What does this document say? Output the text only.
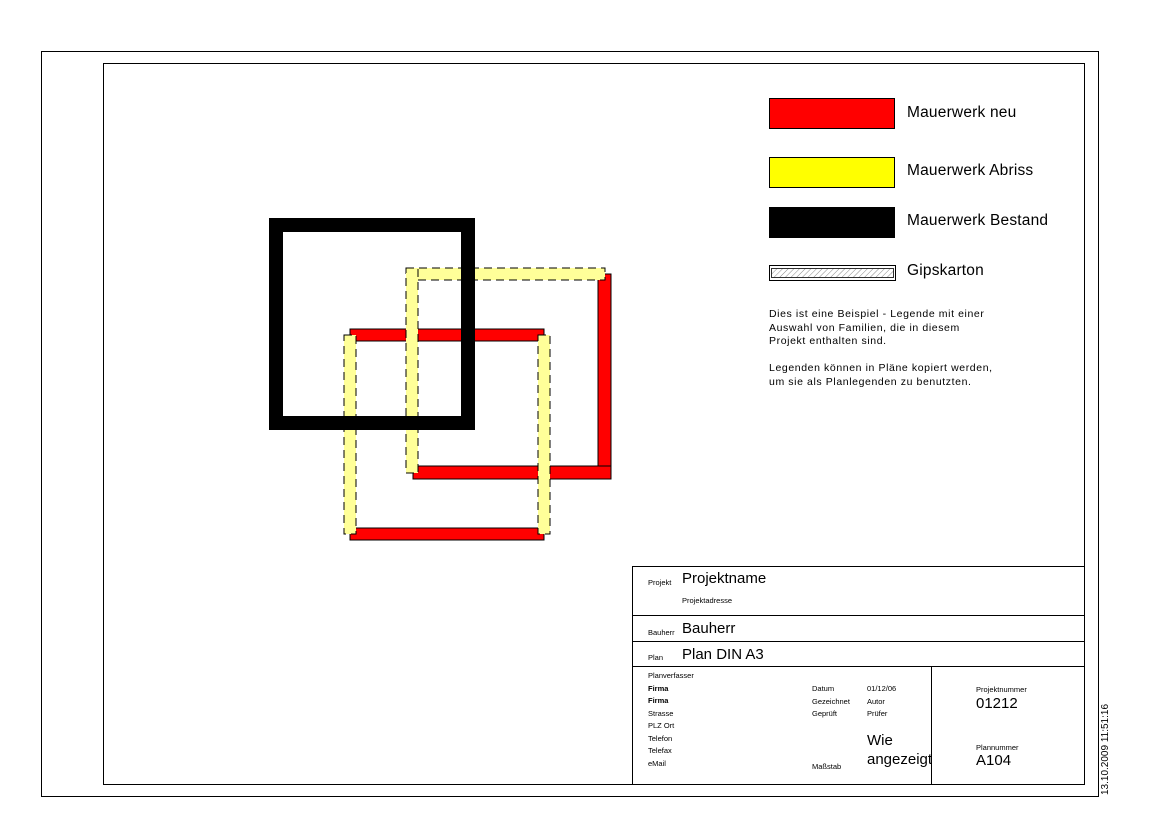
Mauerwerk neu
Mauerwerk Abriss
Mauerwerk Bestand
Gipskarton
Dies ist eine Beispiel - Legende mit einer
Auswahl von Familien, die in diesem
Projekt enthalten sind.
Legenden können in Pläne kopiert werden,
um sie als Planlegenden zu benutzten.
Projekt Projektname
Projektadresse
Bauherr Bauherr
Plan Plan DIN A3
Planverfasser
Firma
Firma
Strasse
PLZ Ort
Telefon
Telefax
eMail
Datum
Gezeichnet
Geprüft
01/12/06
Autor
Prüfer
Maßstab
Wie
angezeigt
Projektnummer
01212
Plannummer
A104	13.10.2009 11:51:16
